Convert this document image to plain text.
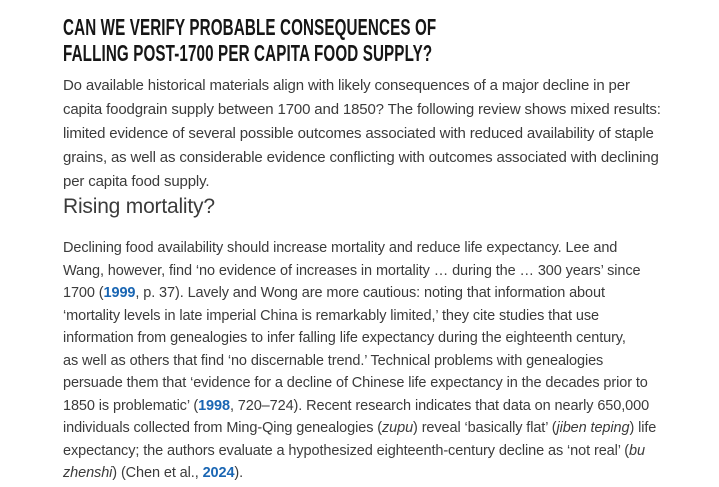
CAN WE VERIFY PROBABLE CONSEQUENCES OF
FALLING POST-1700 PER CAPITA FOOD SUPPLY?
Do available historical materials align with likely consequences of a major decline in per
capita foodgrain supply between 1700 and 1850? The following review shows mixed results:
limited evidence of several possible outcomes associated with reduced availability of staple
grains, as well as considerable evidence conflicting with outcomes associated with declining
per capita food supply.
Rising mortality?
Declining food availability should increase mortality and reduce life expectancy. Lee and
Wang, however, find ‘no evidence of increases in mortality … during the … 300 years’ since
1700 (1999, p. 37). Lavely and Wong are more cautious: noting that information about
‘mortality levels in late imperial China is remarkably limited,’ they cite studies that use
information from genealogies to infer falling life expectancy during the eighteenth century,
as well as others that find ‘no discernable trend.’ Technical problems with genealogies
persuade them that ‘evidence for a decline of Chinese life expectancy in the decades prior to
1850 is problematic’ (1998, 720–724). Recent research indicates that data on nearly 650,000
individuals collected from Ming-Qing genealogies (zupu) reveal ‘basically flat’ (jiben teping) life
expectancy; the authors evaluate a hypothesized eighteenth-century decline as ‘not real’ (bu
zhenshi) (Chen et al., 2024).
